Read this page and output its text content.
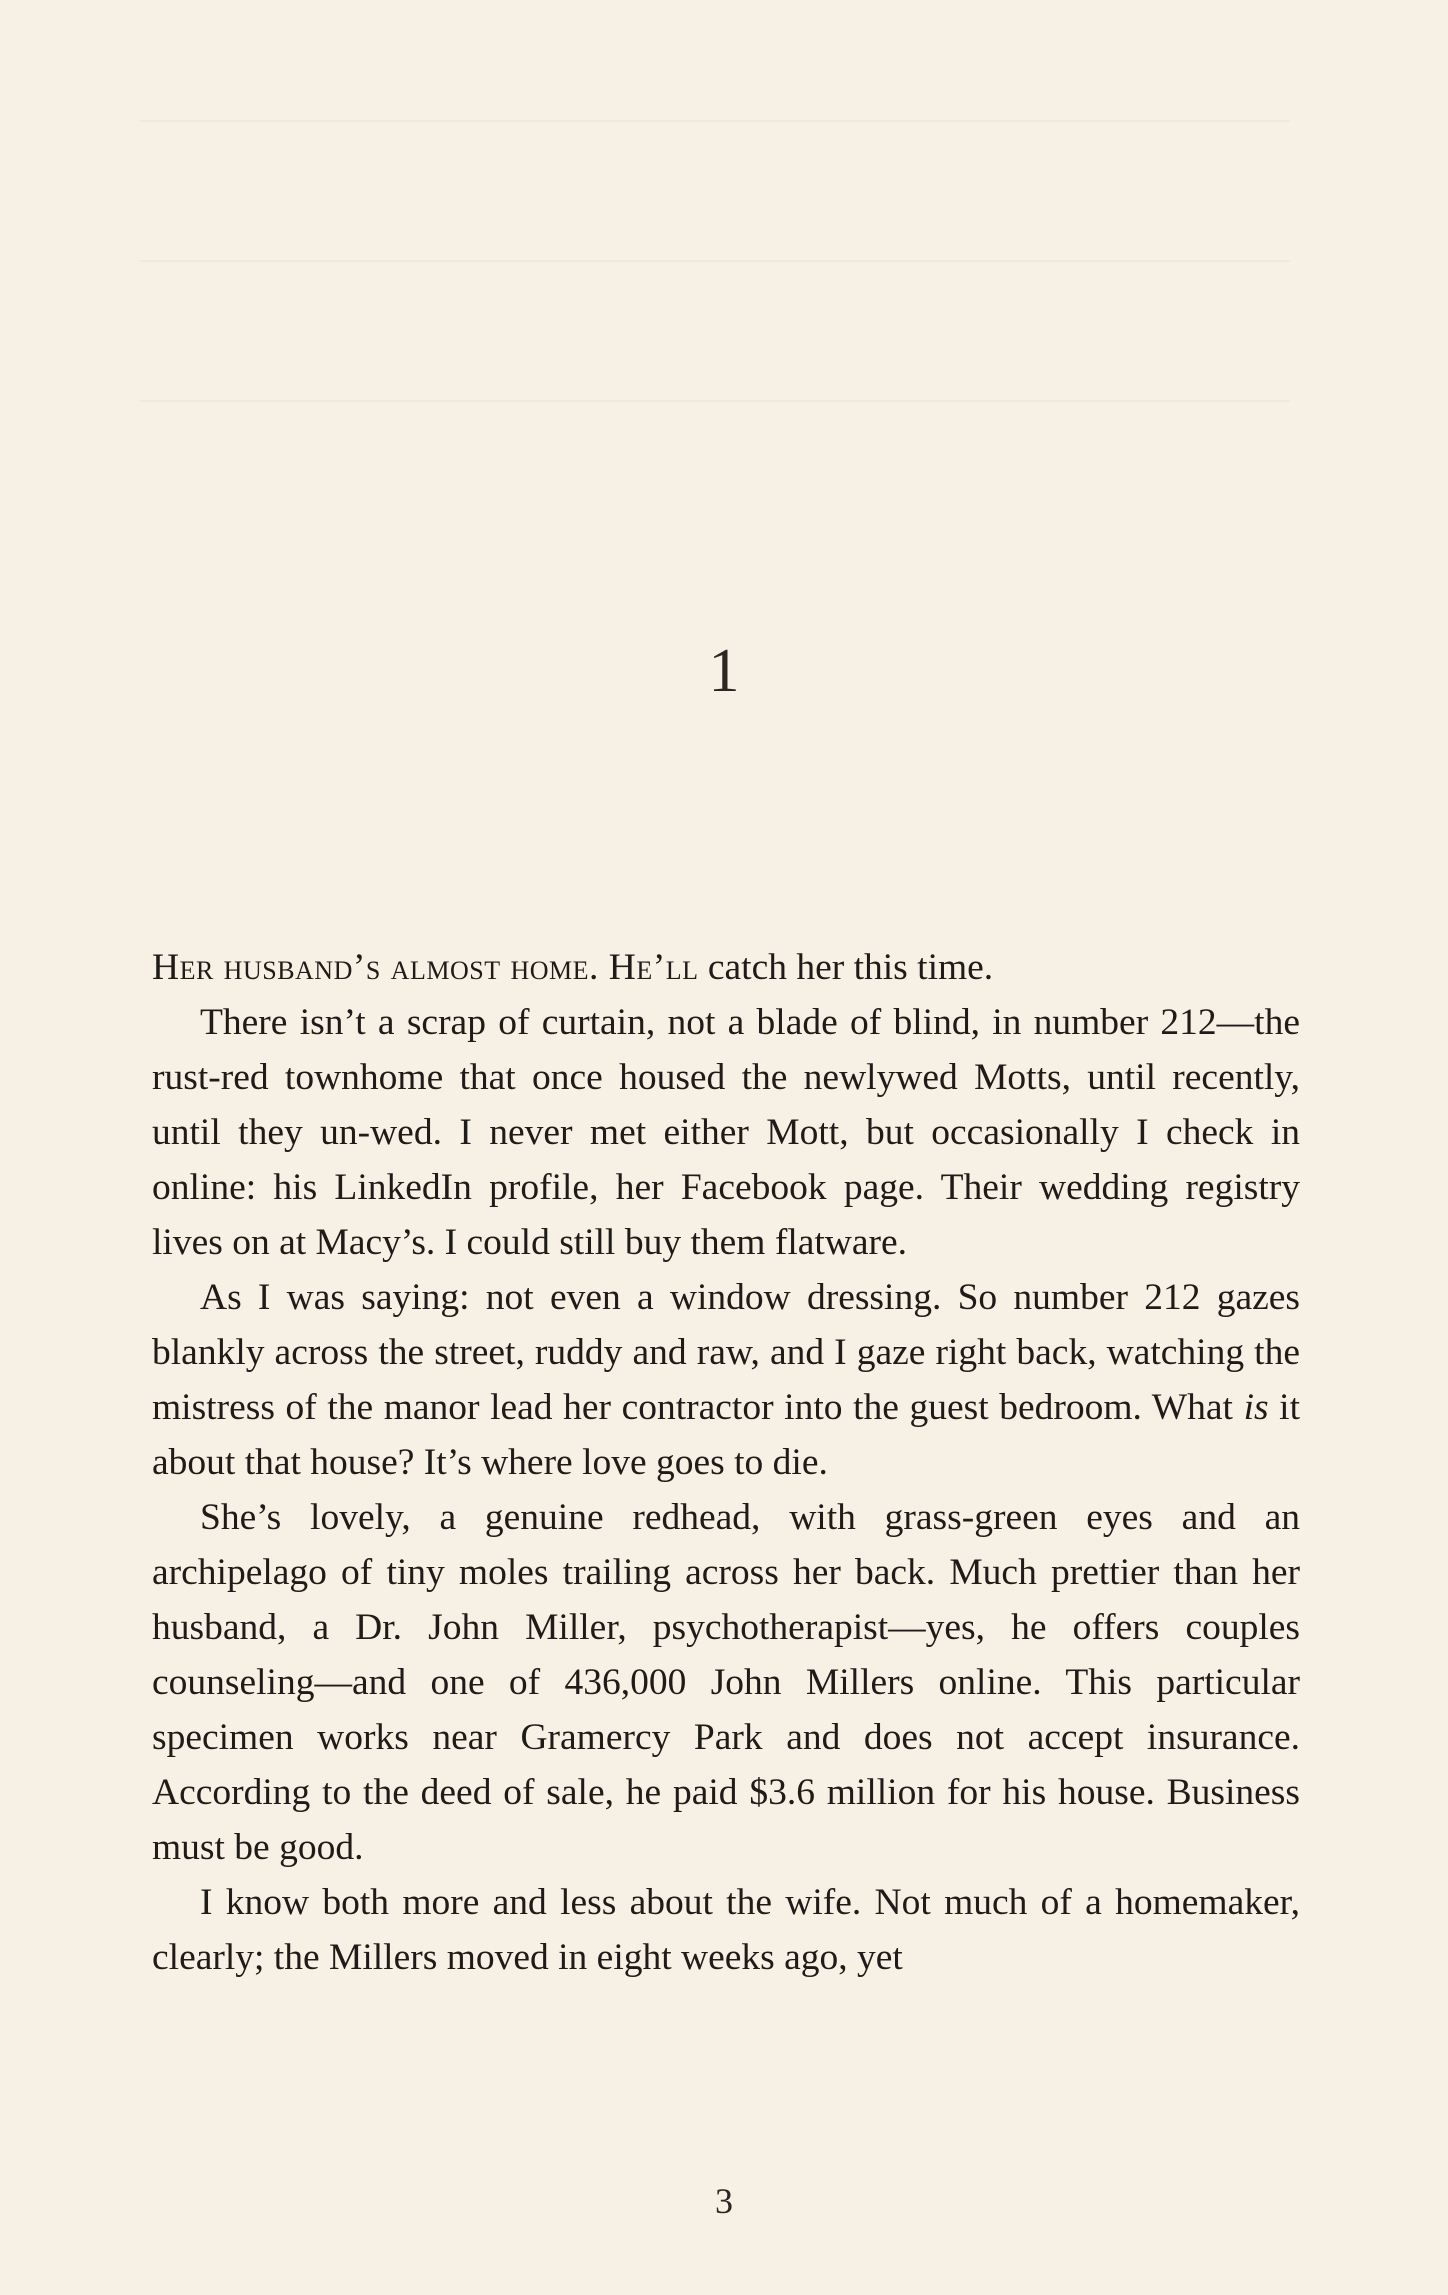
1

Her husband’s almost home. He’ll catch her this time.

There isn’t a scrap of curtain, not a blade of blind, in number 212—the rust-red townhome that once housed the newlywed Motts, until recently, until they un-wed. I never met either Mott, but occasionally I check in online: his LinkedIn profile, her Facebook page. Their wedding registry lives on at Macy’s. I could still buy them flatware.

As I was saying: not even a window dressing. So number 212 gazes blankly across the street, ruddy and raw, and I gaze right back, watching the mistress of the manor lead her contractor into the guest bedroom. What is it about that house? It’s where love goes to die.

She’s lovely, a genuine redhead, with grass-green eyes and an archipelago of tiny moles trailing across her back. Much prettier than her husband, a Dr. John Miller, psychotherapist—yes, he offers couples counseling—and one of 436,000 John Millers online. This particular specimen works near Gramercy Park and does not accept insurance. According to the deed of sale, he paid $3.6 million for his house. Business must be good.

I know both more and less about the wife. Not much of a homemaker, clearly; the Millers moved in eight weeks ago, yet

3
